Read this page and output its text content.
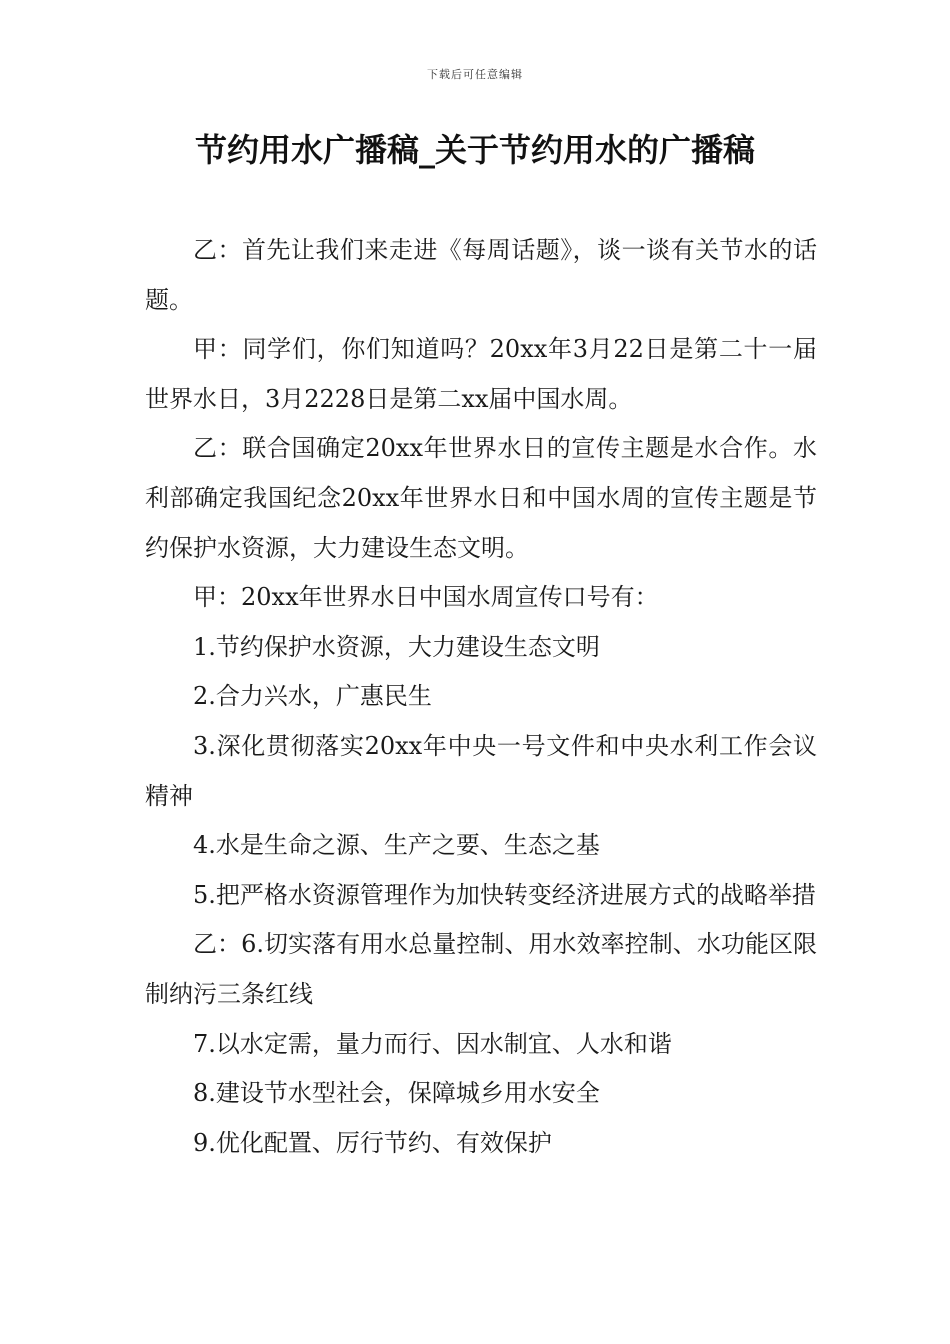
下载后可任意编辑
节约用水广播稿_关于节约用水的广播稿

乙：首先让我们来走进《每周话题》，谈一谈有关节水的话题。

甲：同学们，你们知道吗？20xx年3月22日是第二十一届世界水日，3月2228日是第二xx届中国水周。

乙：联合国确定20xx年世界水日的宣传主题是水合作。水利部确定我国纪念20xx年世界水日和中国水周的宣传主题是节约保护水资源，大力建设生态文明。

甲：20xx年世界水日中国水周宣传口号有：

1.节约保护水资源，大力建设生态文明

2.合力兴水，广惠民生

3.深化贯彻落实20xx年中央一号文件和中央水利工作会议精神

4.水是生命之源、生产之要、生态之基

5.把严格水资源管理作为加快转变经济进展方式的战略举措

乙：6.切实落有用水总量控制、用水效率控制、水功能区限制纳污三条红线

7.以水定需，量力而行、因水制宜、人水和谐

8.建设节水型社会，保障城乡用水安全

9.优化配置、厉行节约、有效保护
